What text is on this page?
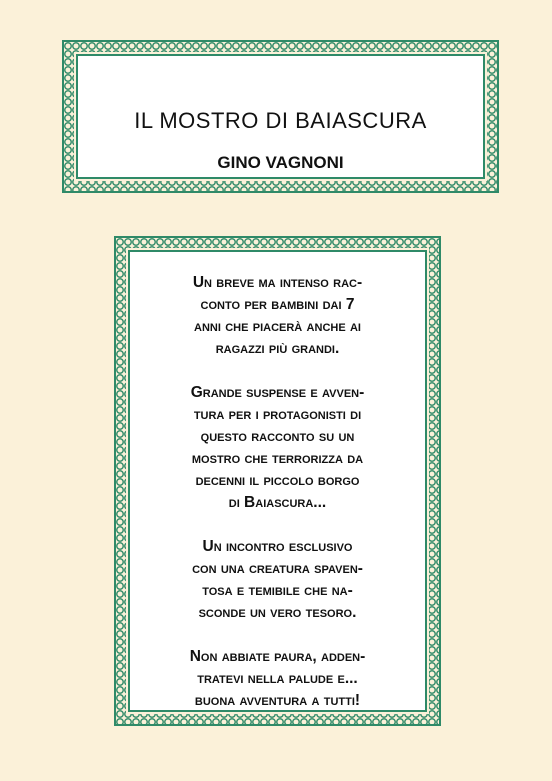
IL MOSTRO DI BAIASCURA
GINO VAGNONI

Un breve ma intenso rac-
conto per bambini dai 7
anni che piacerà anche ai
ragazzi più grandi.

Grande suspense e avven-
tura per i protagonisti di
questo racconto su un
mostro che terrorizza da
decenni il piccolo borgo
di Baiascura...

Un incontro esclusivo
con una creatura spaven-
tosa e temibile che na-
sconde un vero tesoro.

Non abbiate paura, adden-
tratevi nella palude e...
buona avventura a tutti!
